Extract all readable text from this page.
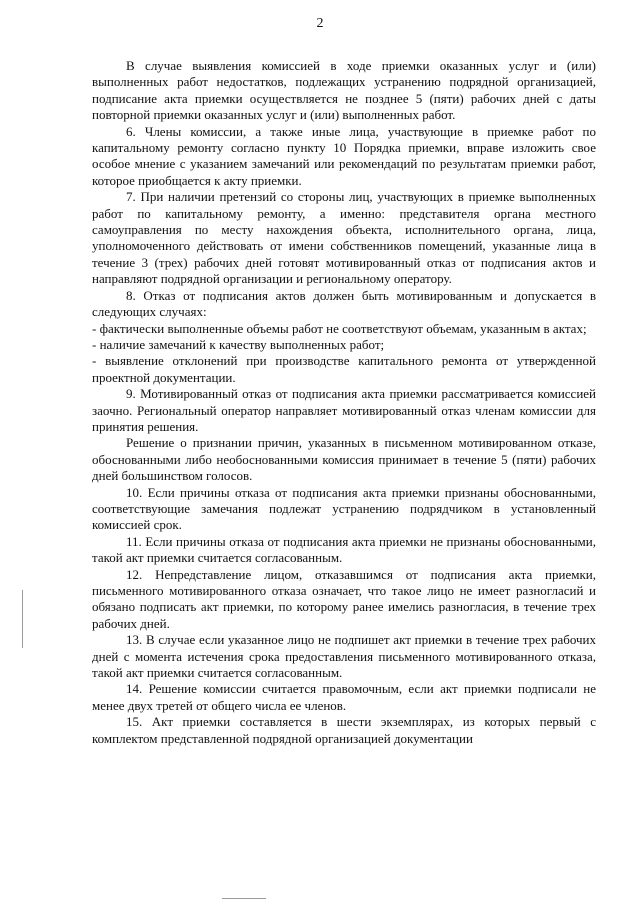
2

В случае выявления комиссией в ходе приемки оказанных услуг и (или) выполненных работ недостатков, подлежащих устранению подрядной организацией, подписание акта приемки осуществляется не позднее 5 (пяти) рабочих дней с даты повторной приемки оказанных услуг и (или) выполненных работ.

6. Члены комиссии, а также иные лица, участвующие в приемке работ по капитальному ремонту согласно пункту 10 Порядка приемки, вправе изложить свое особое мнение с указанием замечаний или рекомендаций по результатам приемки работ, которое приобщается к акту приемки.

7. При наличии претензий со стороны лиц, участвующих в приемке выполненных работ по капитальному ремонту, а именно: представителя органа местного самоуправления по месту нахождения объекта, исполнительного органа, лица, уполномоченного действовать от имени собственников помещений, указанные лица в течение 3 (трех) рабочих дней готовят мотивированный отказ от подписания актов и направляют подрядной организации и региональному оператору.

8. Отказ от подписания актов должен быть мотивированным и допускается в следующих случаях:

- фактически выполненные объемы работ не соответствуют объемам, указанным в актах;

- наличие замечаний к качеству выполненных работ;

- выявление отклонений при производстве капитального ремонта от утвержденной проектной документации.

9. Мотивированный отказ от подписания акта приемки рассматривается комиссией заочно. Региональный оператор направляет мотивированный отказ членам комиссии для принятия решения.

Решение о признании причин, указанных в письменном мотивированном отказе, обоснованными либо необоснованными комиссия принимает в течение 5 (пяти) рабочих дней большинством голосов.

10. Если причины отказа от подписания акта приемки признаны обоснованными, соответствующие замечания подлежат устранению подрядчиком в установленный комиссией срок.

11. Если причины отказа от подписания акта приемки не признаны обоснованными, такой акт приемки считается согласованным.

12. Непредставление лицом, отказавшимся от подписания акта приемки, письменного мотивированного отказа означает, что такое лицо не имеет разногласий и обязано подписать акт приемки, по которому ранее имелись разногласия, в течение трех рабочих дней.

13. В случае если указанное лицо не подпишет акт приемки в течение трех рабочих дней с момента истечения срока предоставления письменного мотивированного отказа, такой акт приемки считается согласованным.

14. Решение комиссии считается правомочным, если акт приемки подписали не менее двух третей от общего числа ее членов.

15. Акт приемки составляется в шести экземплярах, из которых первый с комплектом представленной подрядной организацией документации
